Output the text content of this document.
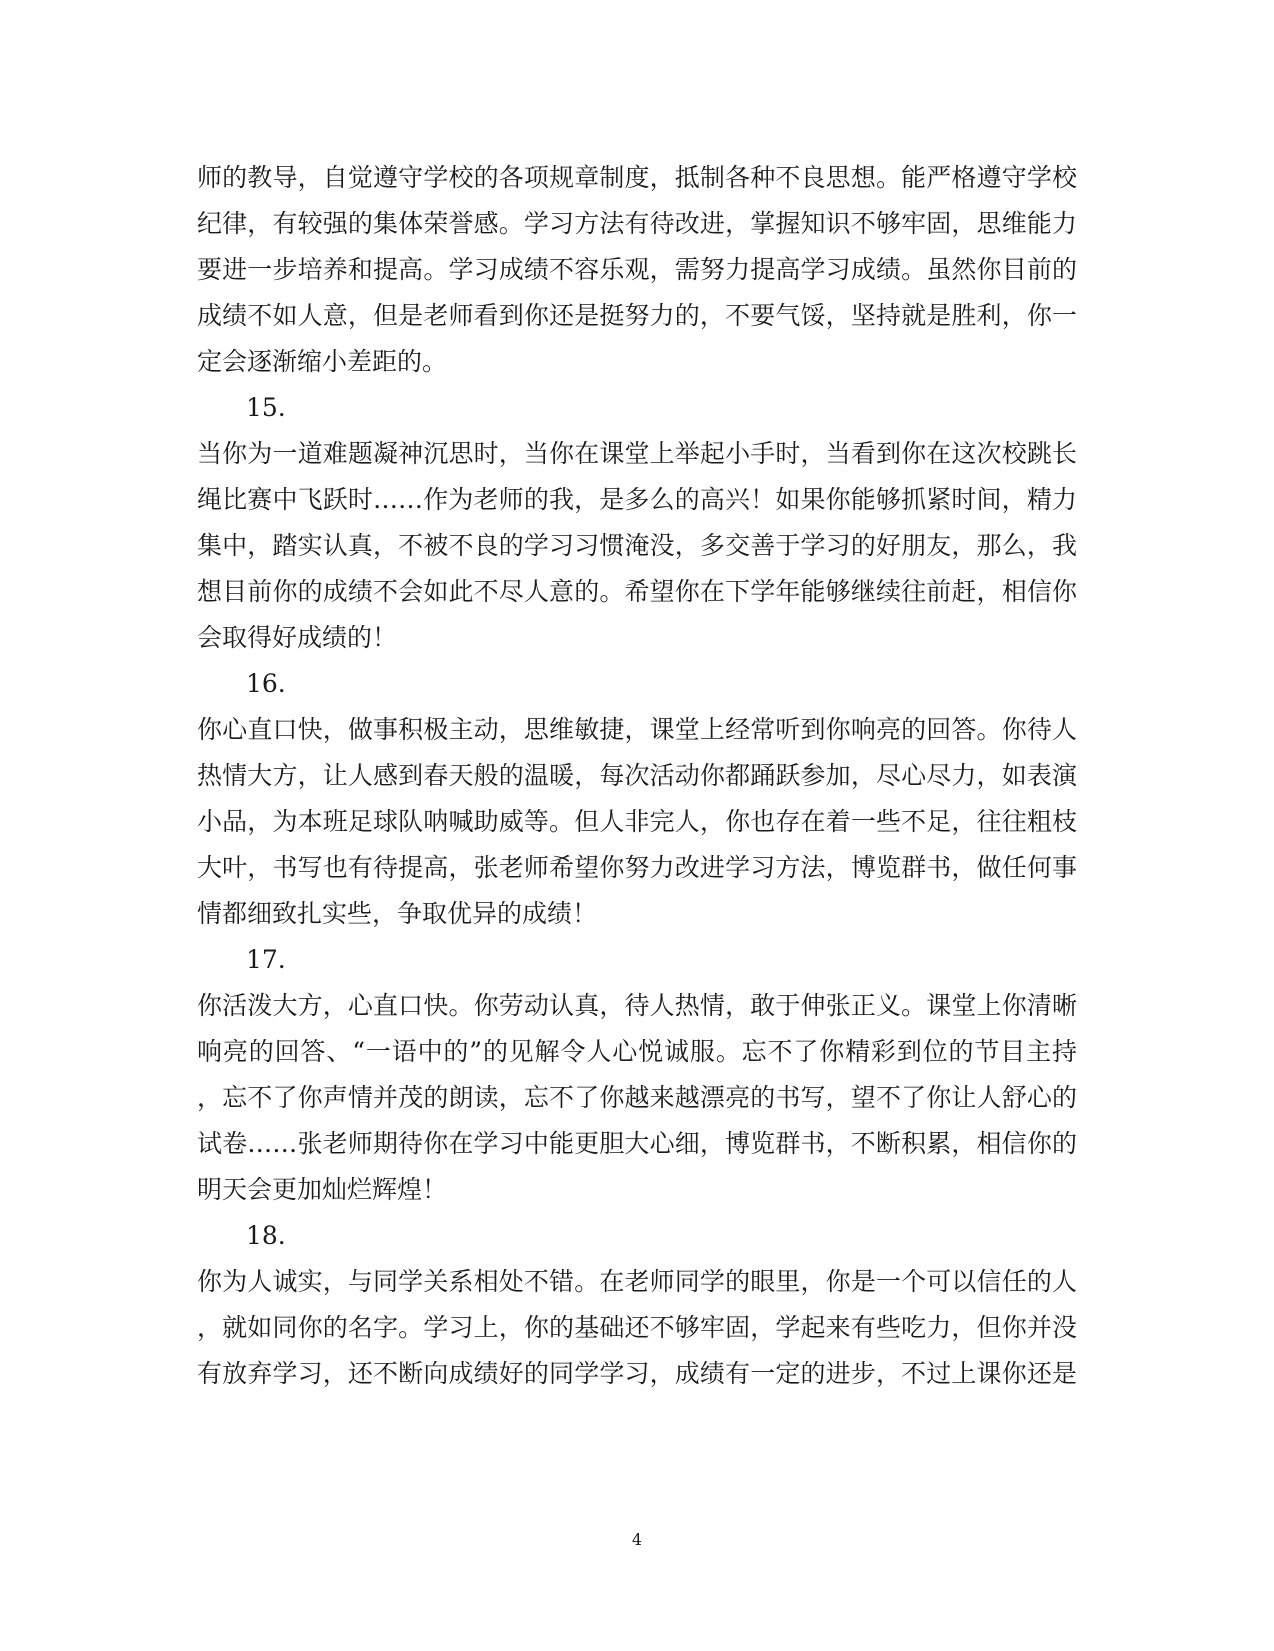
师的教导，自觉遵守学校的各项规章制度，抵制各种不良思想。能严格遵守学校
纪律，有较强的集体荣誉感。学习方法有待改进，掌握知识不够牢固，思维能力
要进一步培养和提高。学习成绩不容乐观，需努力提高学习成绩。虽然你目前的
成绩不如人意，但是老师看到你还是挺努力的，不要气馁，坚持就是胜利，你一
定会逐渐缩小差距的。
15.
当你为一道难题凝神沉思时，当你在课堂上举起小手时，当看到你在这次校跳长
绳比赛中飞跃时……作为老师的我，是多么的高兴！如果你能够抓紧时间，精力
集中，踏实认真，不被不良的学习习惯淹没，多交善于学习的好朋友，那么，我
想目前你的成绩不会如此不尽人意的。希望你在下学年能够继续往前赶，相信你
会取得好成绩的！
16.
你心直口快，做事积极主动，思维敏捷，课堂上经常听到你响亮的回答。你待人
热情大方，让人感到春天般的温暖，每次活动你都踊跃参加，尽心尽力，如表演
小品，为本班足球队呐喊助威等。但人非完人，你也存在着一些不足，往往粗枝
大叶，书写也有待提高，张老师希望你努力改进学习方法，博览群书，做任何事
情都细致扎实些，争取优异的成绩！
17.
你活泼大方，心直口快。你劳动认真，待人热情，敢于伸张正义。课堂上你清晰
响亮的回答、“一语中的”的见解令人心悦诚服。忘不了你精彩到位的节目主持
，忘不了你声情并茂的朗读，忘不了你越来越漂亮的书写，望不了你让人舒心的
试卷……张老师期待你在学习中能更胆大心细，博览群书，不断积累，相信你的
明天会更加灿烂辉煌！
18.
你为人诚实，与同学关系相处不错。在老师同学的眼里，你是一个可以信任的人
，就如同你的名字。学习上，你的基础还不够牢固，学起来有些吃力，但你并没
有放弃学习，还不断向成绩好的同学学习，成绩有一定的进步，不过上课你还是
4
